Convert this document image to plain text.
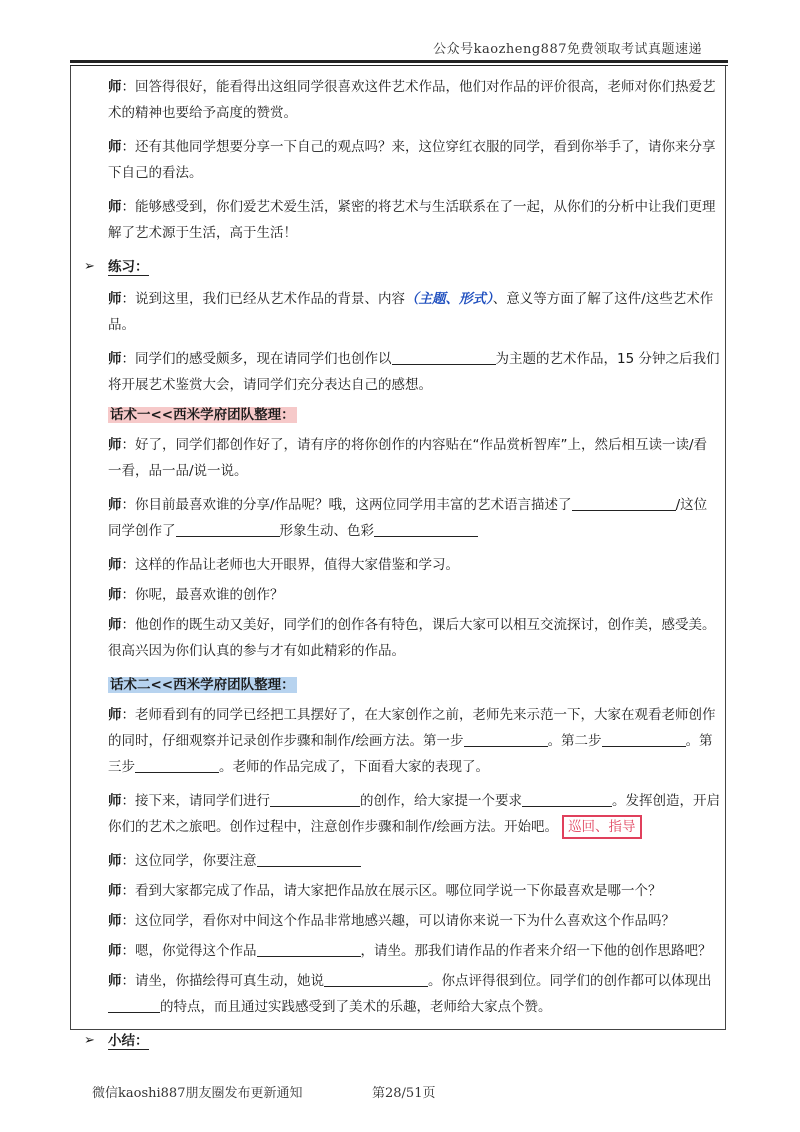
公众号kaozheng887免费领取考试真题速递

师：回答得很好，能看得出这组同学很喜欢这件艺术作品，他们对作品的评价很高，老师对你们热爱艺术的精神也要给予高度的赞赏。

师：还有其他同学想要分享一下自己的观点吗？来，这位穿红衣服的同学，看到你举手了，请你来分享下自己的看法。

师：能够感受到，你们爱艺术爱生活，紧密的将艺术与生活联系在了一起，从你们的分析中让我们更理解了艺术源于生活，高于生活！

➢ 练习：

师：说到这里，我们已经从艺术作品的背景、内容（主题、形式）、意义等方面了解了这件/这些艺术作品。

师：同学们的感受颇多，现在请同学们也创作以	为主题的艺术作品，15 分钟之后我们将开展艺术鉴赏大会，请同学们充分表达自己的感想。

话术一<<西米学府团队整理：

师：好了，同学们都创作好了，请有序的将你创作的内容贴在“作品赏析智库”上，然后相互读一读/看一看，品一品/说一说。

师：你目前最喜欢谁的分享/作品呢？哦，这两位同学用丰富的艺术语言描述了	/这位同学创作了	形象生动、色彩

师：这样的作品让老师也大开眼界，值得大家借鉴和学习。

师：你呢，最喜欢谁的创作？

师：他创作的既生动又美好，同学们的创作各有特色，课后大家可以相互交流探讨，创作美，感受美。很高兴因为你们认真的参与才有如此精彩的作品。

话术二<<西米学府团队整理：

师：老师看到有的同学已经把工具摆好了，在大家创作之前，老师先来示范一下，大家在观看老师创作的同时，仔细观察并记录创作步骤和制作/绘画方法。第一步	。第二步	。第三步	。老师的作品完成了，下面看大家的表现了。

师：接下来，请同学们进行	的创作，给大家提一个要求	。发挥创造，开启你们的艺术之旅吧。创作过程中，注意创作步骤和制作/绘画方法。开始吧。 巡回、指导

师：这位同学，你要注意

师：看到大家都完成了作品，请大家把作品放在展示区。哪位同学说一下你最喜欢是哪一个？

师：这位同学，看你对中间这个作品非常地感兴趣，可以请你来说一下为什么喜欢这个作品吗？

师：嗯，你觉得这个作品	，请坐。那我们请作品的作者来介绍一下他的创作思路吧？

师：请坐，你描绘得可真生动，她说	。你点评得很到位。同学们的创作都可以体现出的特点，而且通过实践感受到了美术的乐趣，老师给大家点个赞。

➢ 小结：
微信kaoshi887朋友圈发布更新通知	第28/51页
